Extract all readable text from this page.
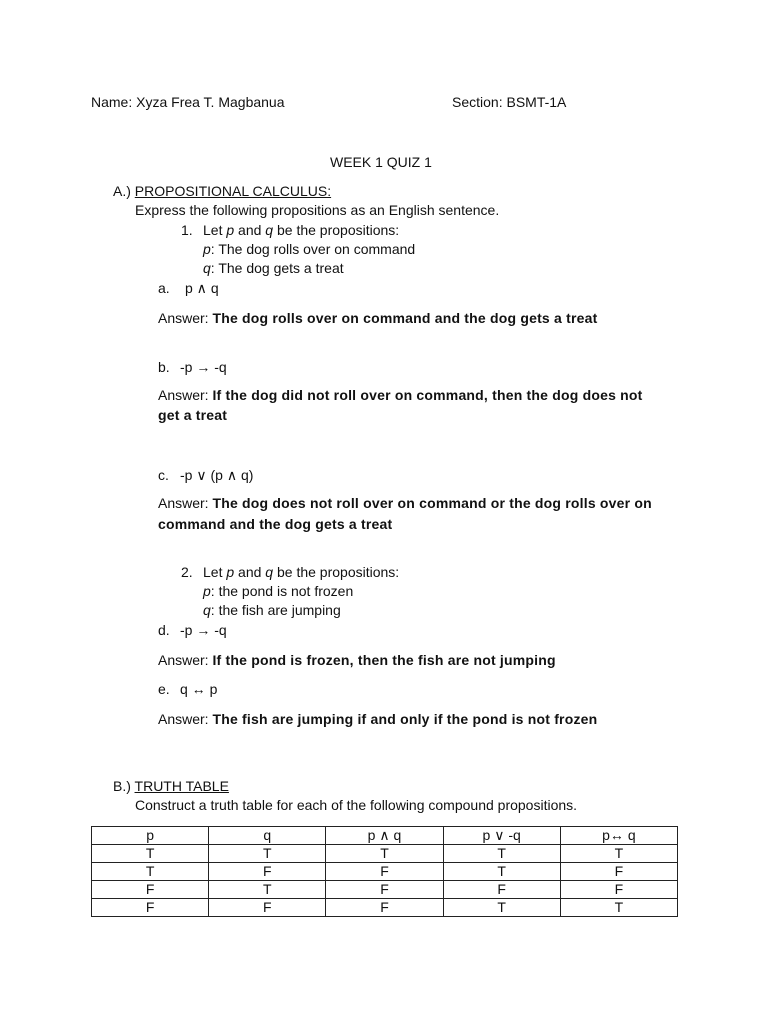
Name: Xyza Frea T. Magbanua	Section: BSMT-1A
WEEK 1 QUIZ 1
A.) PROPOSITIONAL CALCULUS:
Express the following propositions as an English sentence.
1. Let p and q be the propositions:
p: The dog rolls over on command
q: The dog gets a treat
a. p ∧ q
Answer: The dog rolls over on command and the dog gets a treat
b. -p → -q
Answer: If the dog did not roll over on command, then the dog does not
get a treat
c. -p ∨ (p ∧ q)
Answer: The dog does not roll over on command or the dog rolls over on
command and the dog gets a treat
2. Let p and q be the propositions:
p: the pond is not frozen
q: the fish are jumping
d. -p → -q
Answer: If the pond is frozen, then the fish are not jumping
e. q ↔ p
Answer: The fish are jumping if and only if the pond is not frozen
B.) TRUTH TABLE
Construct a truth table for each of the following compound propositions.
p	q	p ∧ q	p ∨ -q	p↔ q
T	T	T	T	T
T	F	F	T	F
F	T	F	F	F
F	F	F	T	T
